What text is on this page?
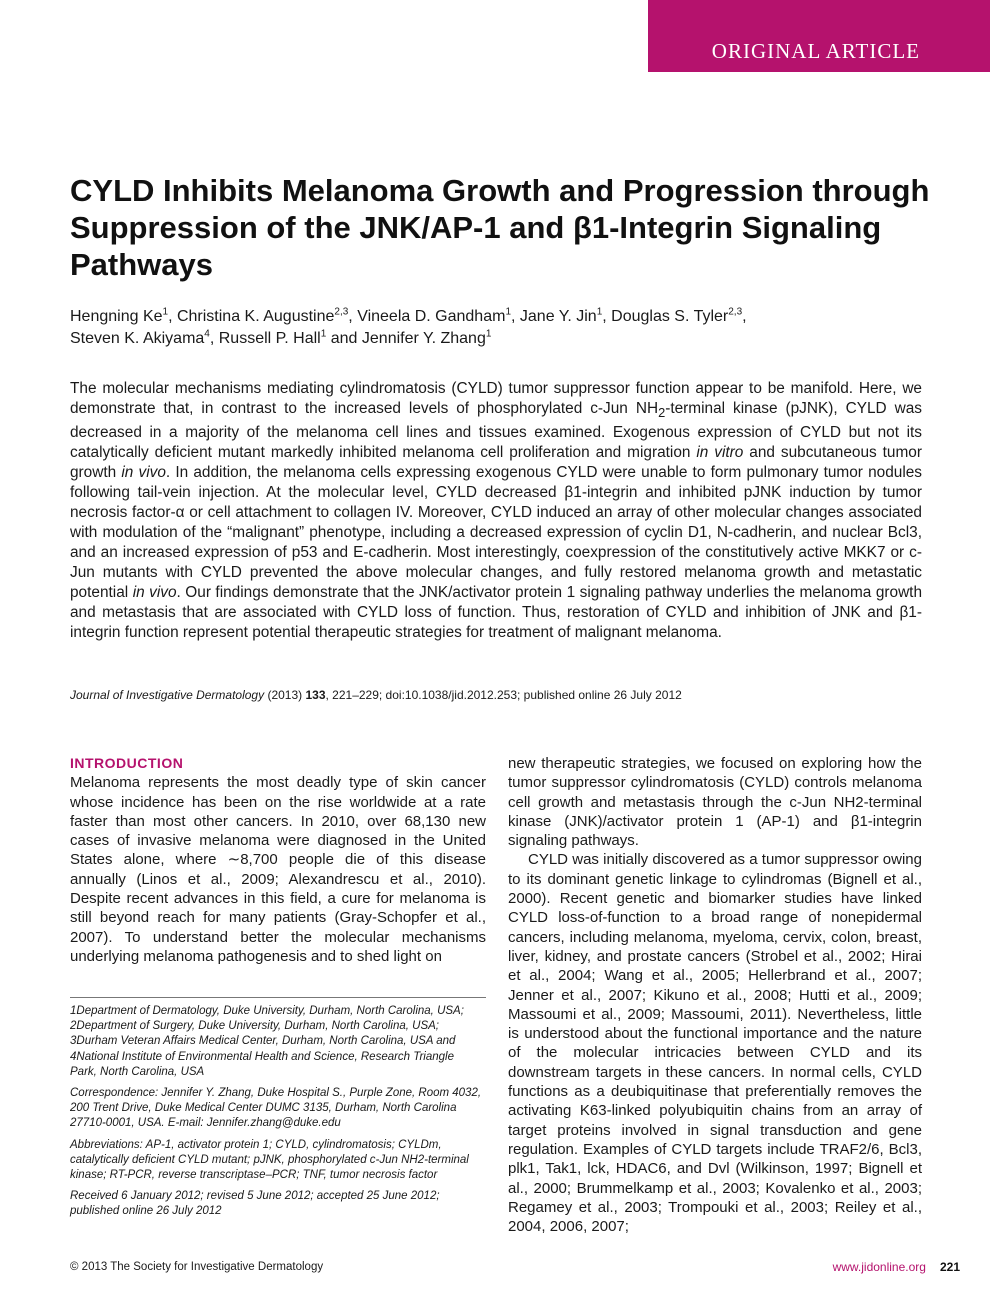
ORIGINAL ARTICLE
CYLD Inhibits Melanoma Growth and Progression through Suppression of the JNK/AP-1 and β1-Integrin Signaling Pathways
Hengning Ke$^1$, Christina K. Augustine$^{2,3}$, Vineela D. Gandham$^1$, Jane Y. Jin$^1$, Douglas S. Tyler$^{2,3}$,
Steven K. Akiyama$^4$, Russell P. Hall$^1$ and Jennifer Y. Zhang$^1$

The molecular mechanisms mediating cylindromatosis (CYLD) tumor suppressor function appear to be manifold. Here, we demonstrate that, in contrast to the increased levels of phosphorylated c-Jun $NH_2$-terminal kinase (pJNK), CYLD was decreased in a majority of the melanoma cell lines and tissues examined. Exogenous expression of CYLD but not its catalytically deficient mutant markedly inhibited melanoma cell proliferation and migration in vitro and subcutaneous tumor growth in vivo. In addition, the melanoma cells expressing exogenous CYLD were unable to form pulmonary tumor nodules following tail-vein injection. At the molecular level, CYLD decreased β1-integrin and inhibited pJNK induction by tumor necrosis factor-α or cell attachment to collagen IV. Moreover, CYLD induced an array of other molecular changes associated with modulation of the “malignant” phenotype, including a decreased expression of cyclin D1, N-cadherin, and nuclear Bcl3, and an increased expression of p53 and E-cadherin. Most interestingly, coexpression of the constitutively active MKK7 or c-Jun mutants with CYLD prevented the above molecular changes, and fully restored melanoma growth and metastatic potential in vivo. Our findings demonstrate that the JNK/activator protein 1 signaling pathway underlies the melanoma growth and metastasis that are associated with CYLD loss of function. Thus, restoration of CYLD and inhibition of JNK and β1-integrin function represent potential therapeutic strategies for treatment of malignant melanoma.

Journal of Investigative Dermatology (2013) 133, 221–229; doi:10.1038/jid.2012.253; published online 26 July 2012
INTRODUCTION

Melanoma represents the most deadly type of skin cancer whose incidence has been on the rise worldwide at a rate faster than most other cancers. In 2010, over 68,130 new cases of invasive melanoma were diagnosed in the United States alone, where ∼8,700 people die of this disease annually (Linos et al., 2009; Alexandrescu et al., 2010). Despite recent advances in this field, a cure for melanoma is still beyond reach for many patients (Gray-Schopfer et al., 2007). To understand better the molecular mechanisms underlying melanoma pathogenesis and to shed light on

1Department of Dermatology, Duke University, Durham, North Carolina, USA; 2Department of Surgery, Duke University, Durham, North Carolina, USA; 3Durham Veteran Affairs Medical Center, Durham, North Carolina, USA and 4National Institute of Environmental Health and Science, Research Triangle Park, North Carolina, USA

Correspondence: Jennifer Y. Zhang, Duke Hospital S., Purple Zone, Room 4032, 200 Trent Drive, Duke Medical Center DUMC 3135, Durham, North Carolina 27710-0001, USA. E-mail: Jennifer.zhang@duke.edu

Abbreviations: AP-1, activator protein 1; CYLD, cylindromatosis; CYLDm, catalytically deficient CYLD mutant; pJNK, phosphorylated c-Jun NH2-terminal kinase; RT-PCR, reverse transcriptase–PCR; TNF, tumor necrosis factor

Received 6 January 2012; revised 5 June 2012; accepted 25 June 2012; published online 26 July 2012

new therapeutic strategies, we focused on exploring how the tumor suppressor cylindromatosis (CYLD) controls melanoma cell growth and metastasis through the c-Jun NH2-terminal kinase (JNK)/activator protein 1 (AP-1) and β1-integrin signaling pathways.

CYLD was initially discovered as a tumor suppressor owing to its dominant genetic linkage to cylindromas (Bignell et al., 2000). Recent genetic and biomarker studies have linked CYLD loss-of-function to a broad range of nonepidermal cancers, including melanoma, myeloma, cervix, colon, breast, liver, kidney, and prostate cancers (Strobel et al., 2002; Hirai et al., 2004; Wang et al., 2005; Hellerbrand et al., 2007; Jenner et al., 2007; Kikuno et al., 2008; Hutti et al., 2009; Massoumi et al., 2009; Massoumi, 2011). Nevertheless, little is understood about the functional importance and the nature of the molecular intricacies between CYLD and its downstream targets in these cancers. In normal cells, CYLD functions as a deubiquitinase that preferentially removes the activating K63-linked polyubiquitin chains from an array of target proteins involved in signal transduction and gene regulation. Examples of CYLD targets include TRAF2/6, Bcl3, plk1, Tak1, lck, HDAC6, and Dvl (Wilkinson, 1997; Bignell et al., 2000; Brummelkamp et al., 2003; Kovalenko et al., 2003; Regamey et al., 2003; Trompouki et al., 2003; Reiley et al., 2004, 2006, 2007;

© 2013 The Society for Investigative Dermatology	www.jidonline.org 221
